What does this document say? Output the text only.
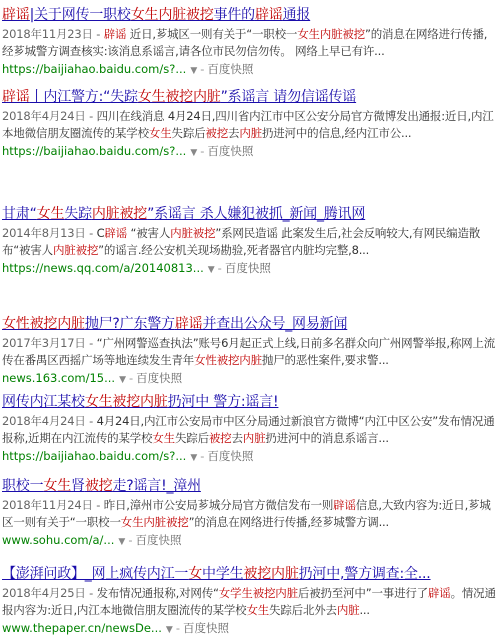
辟谣|关于网传一职校女生内脏被挖事件的辟谣通报
2018年11月23日 - 辟谣 近日,芗城区一则有关于“一职校一女生内脏被挖”的消息在网络进行传播,经芗城警方调查核实:该消息系谣言,请各位市民勿信勿传。 网络上早已有许...
https://baijiahao.baidu.com/s?... ▼ - 百度快照
辟谣丨内江警方:“失踪女生被挖内脏”系谣言 请勿信谣传谣
2018年4月24日 - 四川在线消息 4月24日,四川省内江市中区公安分局官方微博发出通报:近日,内江本地微信朋友圈流传的某学校女生失踪后被挖去内脏扔进河中的信息,经内江市公...
https://baijiahao.baidu.com/s?... ▼ - 百度快照
甘肃“女生失踪内脏被挖”系谣言 杀人嫌犯被抓_新闻_腾讯网
2014年8月13日 - C辟谣 “被害人内脏被挖”系网民造谣 此案发生后,社会反响较大,有网民编造散布“被害人内脏被挖”的谣言.经公安机关现场勘验,死者器官内脏均完整,8...
https://news.qq.com/a/20140813... ▼ - 百度快照
女性被挖内脏抛尸?广东警方辟谣并查出公众号_网易新闻
2017年3月17日 - “广州网警巡查执法”账号6月起正式上线,日前多名群众向广州网警举报,称网上流传在番禺区西摇广场等地连续发生青年女性被挖内脏抛尸的恶性案件,要求警...
news.163.com/15... ▼ - 百度快照
网传内江某校女生被挖内脏扔河中 警方:谣言!
2018年4月24日 - 4月24日,内江市公安局市中区分局通过新浪官方微博“内江中区公安”发布情况通报称,近期在内江流传的某学校女生失踪后被挖去内脏扔进河中的消息系谣言...
https://baijiahao.baidu.com/s?... ▼ - 百度快照
职校一女生肾被挖走?谣言!_漳州
2018年11月24日 - 昨日,漳州市公安局芗城分局官方微信发布一则辟谣信息,大致内容为:近日,芗城区一则有关于“一职校一女生内脏被挖”的消息在网络进行传播,经芗城警方调...
www.sohu.com/a/... ▼ - 百度快照
【澎湃问政】_网上疯传内江一女中学生被挖内脏扔河中,警方调查:全...
2018年4月25日 - 发布情况通报称,对网传“女学生被挖内脏后被扔至河中”一事进行了辟谣。情况通报内容为:近日,内江本地微信朋友圈流传的某学校女生失踪后北外去内脏...
www.thepaper.cn/newsDe... ▼ - 百度快照
